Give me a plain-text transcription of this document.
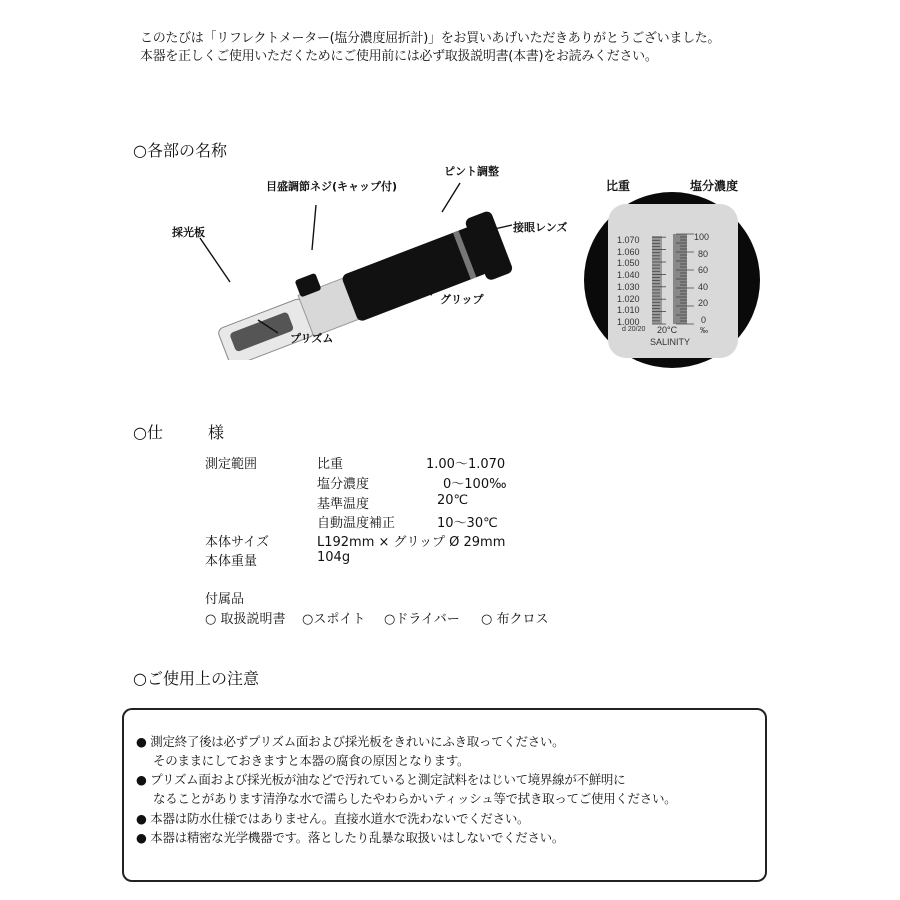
このたびは「リフレクトメーター(塩分濃度屈折計)」をお買いあげいただきありがとうございました。
本器を正しくご使用いただくためにご使用前には必ず取扱説明書(本書)をお読みください。
○各部の名称
採光板
目盛調節ネジ(キャップ付)
ピント調整
接眼レンズ
グリップ
プリズム
比重	塩分濃度
1.070
1.060
1.050
1.040
1.030
1.020
1.010
1.000
100
80
60
40
20
0
d 20/20 20°C	‰
SALINITY
○仕	様
測定範囲	比重	1.00〜1.070
塩分濃度	0〜100‰
基準温度	20℃
自動温度補正	10〜30℃
本体サイズ	L192mm × グリップ Ø 29mm
本体重量	104g
付属品
○ 取扱説明書 ○スポイト ○ドライバー ○ 布クロス
○ご使用上の注意
● 測定終了後は必ずプリズム面および採光板をきれいにふき取ってください。
そのままにしておきますと本器の腐食の原因となります。
● プリズム面および採光板が油などで汚れていると測定試料をはじいて境界線が不鮮明に
なることがあります清浄な水で濡らしたやわらかいティッシュ等で拭き取ってご使用ください。
● 本器は防水仕様ではありません。直接水道水で洗わないでください。
● 本器は精密な光学機器です。落としたり乱暴な取扱いはしないでください。
